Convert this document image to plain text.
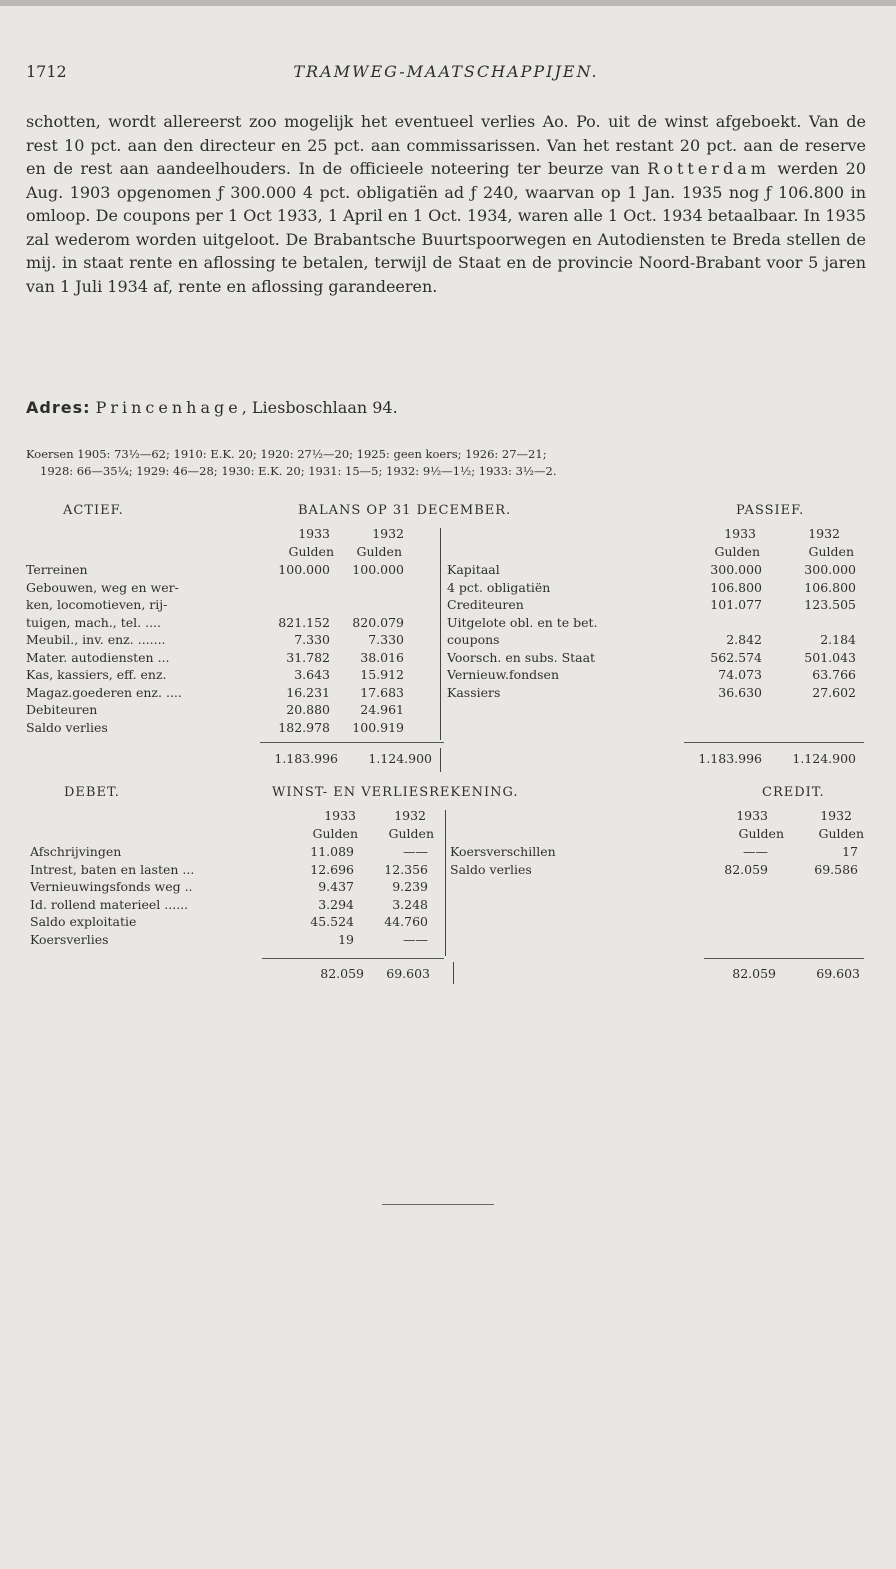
1712	TRAMWEG-MAATSCHAPPIJEN.

schotten, wordt allereerst zoo mogelijk het eventueel verlies Ao. Po. uit de winst afgeboekt. Van de rest 10 pct. aan den directeur en 25 pct. aan commissarissen. Van het restant 20 pct. aan de reserve en de rest aan aandeelhouders. In de officieele noteering ter beurze van Rotterdam werden 20 Aug. 1903 opgenomen ƒ 300.000 4 pct. obligatiën ad ƒ 240, waarvan op 1 Jan. 1935 nog ƒ 106.800 in omloop. De coupons per 1 Oct 1933, 1 April en 1 Oct. 1934, waren alle 1 Oct. 1934 betaalbaar. In 1935 zal wederom worden uitgeloot. De Brabantsche Buurtspoorwegen en Autodiensten te Breda stellen de mij. in staat rente en aflossing te betalen, terwijl de Staat en de provincie Noord-Brabant voor 5 jaren van 1 Juli 1934 af, rente en aflossing garandeeren.

Adres: Princenhage, Liesboschlaan 94.
Koersen 1905: 73½—62; 1910: E.K. 20; 1920: 27½—20; 1925: geen koers; 1926: 27—21;
1928: 66—35¼; 1929: 46—28; 1930: E.K. 20; 1931: 15—5; 1932: 9½—1½; 1933: 3½—2.
ACTIEF.	BALANS OP 31 DECEMBER.	PASSIEF.
1933	1932
Gulden	Gulden
1933	1932
Gulden	Gulden
Terreinen	100.000	100.000
Gebouwen, weg en wer-
ken, locomotieven, rij-
tuigen, mach., tel. ....	821.152	820.079
Meubil., inv. enz. .......	7.330	7.330
Mater. autodiensten ...	31.782	38.016
Kas, kassiers, eff. enz.	3.643	15.912
Magaz.goederen enz. ....	16.231	17.683
Debiteuren	20.880	24.961
Saldo verlies	182.978	100.919
Kapitaal	300.000	300.000
4 pct. obligatiën	106.800	106.800
Crediteuren	101.077	123.505
Uitgelote obl. en te bet.
coupons	2.842	2.184
Voorsch. en subs. Staat	562.574	501.043
Vernieuw.fondsen	74.073	63.766
Kassiers	36.630	27.602
1.183.996	1.124.900	1.183.996	1.124.900
DEBET.	WINST- EN VERLIESREKENING.	CREDIT.
1933	1932
Gulden	Gulden
1933	1932
Gulden	Gulden
Afschrijvingen	11.089	——
Intrest, baten en lasten ...	12.696	12.356
Vernieuwingsfonds weg ..	9.437	9.239
Id. rollend materieel ......	3.294	3.248
Saldo exploitatie	45.524	44.760
Koersverlies	19	——
Koersverschillen	——	17
Saldo verlies	82.059	69.586
82.059	69.603	82.059	69.603
